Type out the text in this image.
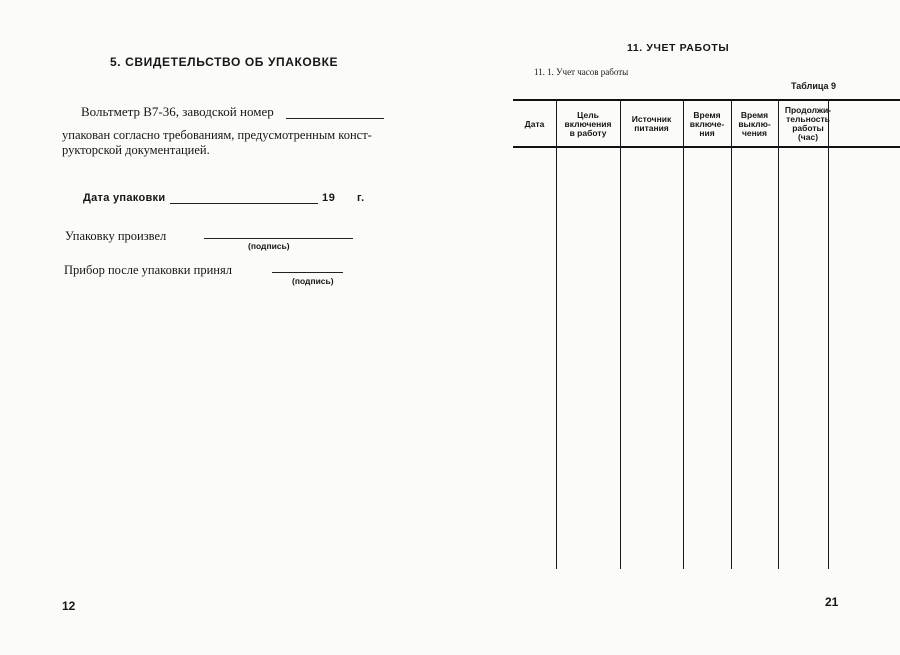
5. СВИДЕТЕЛЬСТВО ОБ УПАКОВКЕ
Вольтметр В7-36, заводской номер
упакован согласно требованиям, предусмотренным конст-
рукторской документацией.
Дата упаковки	19 г.
Упаковку произвел
(подпись)
Прибор после упаковки принял
(подпись)
12
11. УЧЕТ РАБОТЫ
11. 1. Учет часов работы
Таблица 9
Дата
Цель
включения
в работу
Источник
питания
Время
включе-
ния
Время
выклю-
чения
Продолжи-
тельность
работы
(час)
21
